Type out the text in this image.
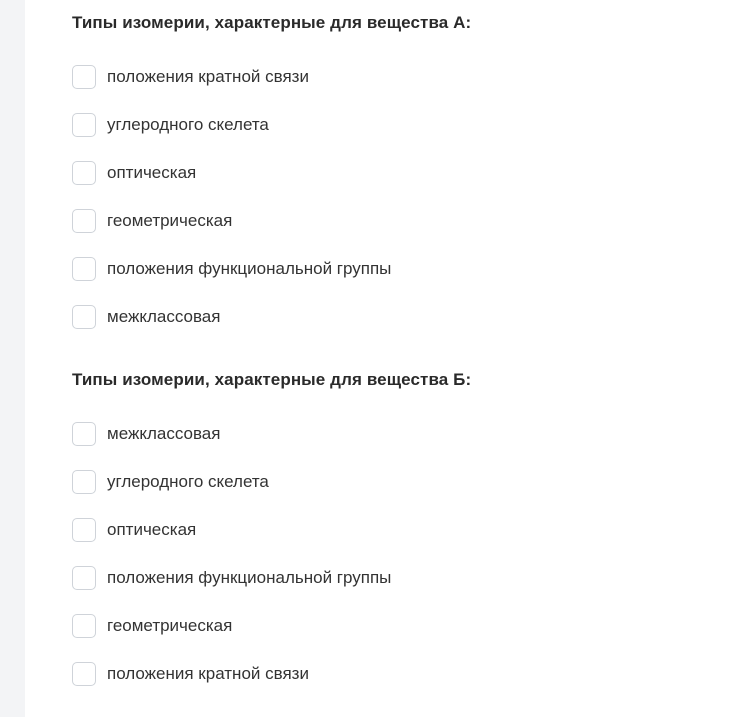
Типы изомерии, характерные для вещества А:
положения кратной связи
углеродного скелета
оптическая
геометрическая
положения функциональной группы
межклассовая
Типы изомерии, характерные для вещества Б:
межклассовая
углеродного скелета
оптическая
положения функциональной группы
геометрическая
положения кратной связи
